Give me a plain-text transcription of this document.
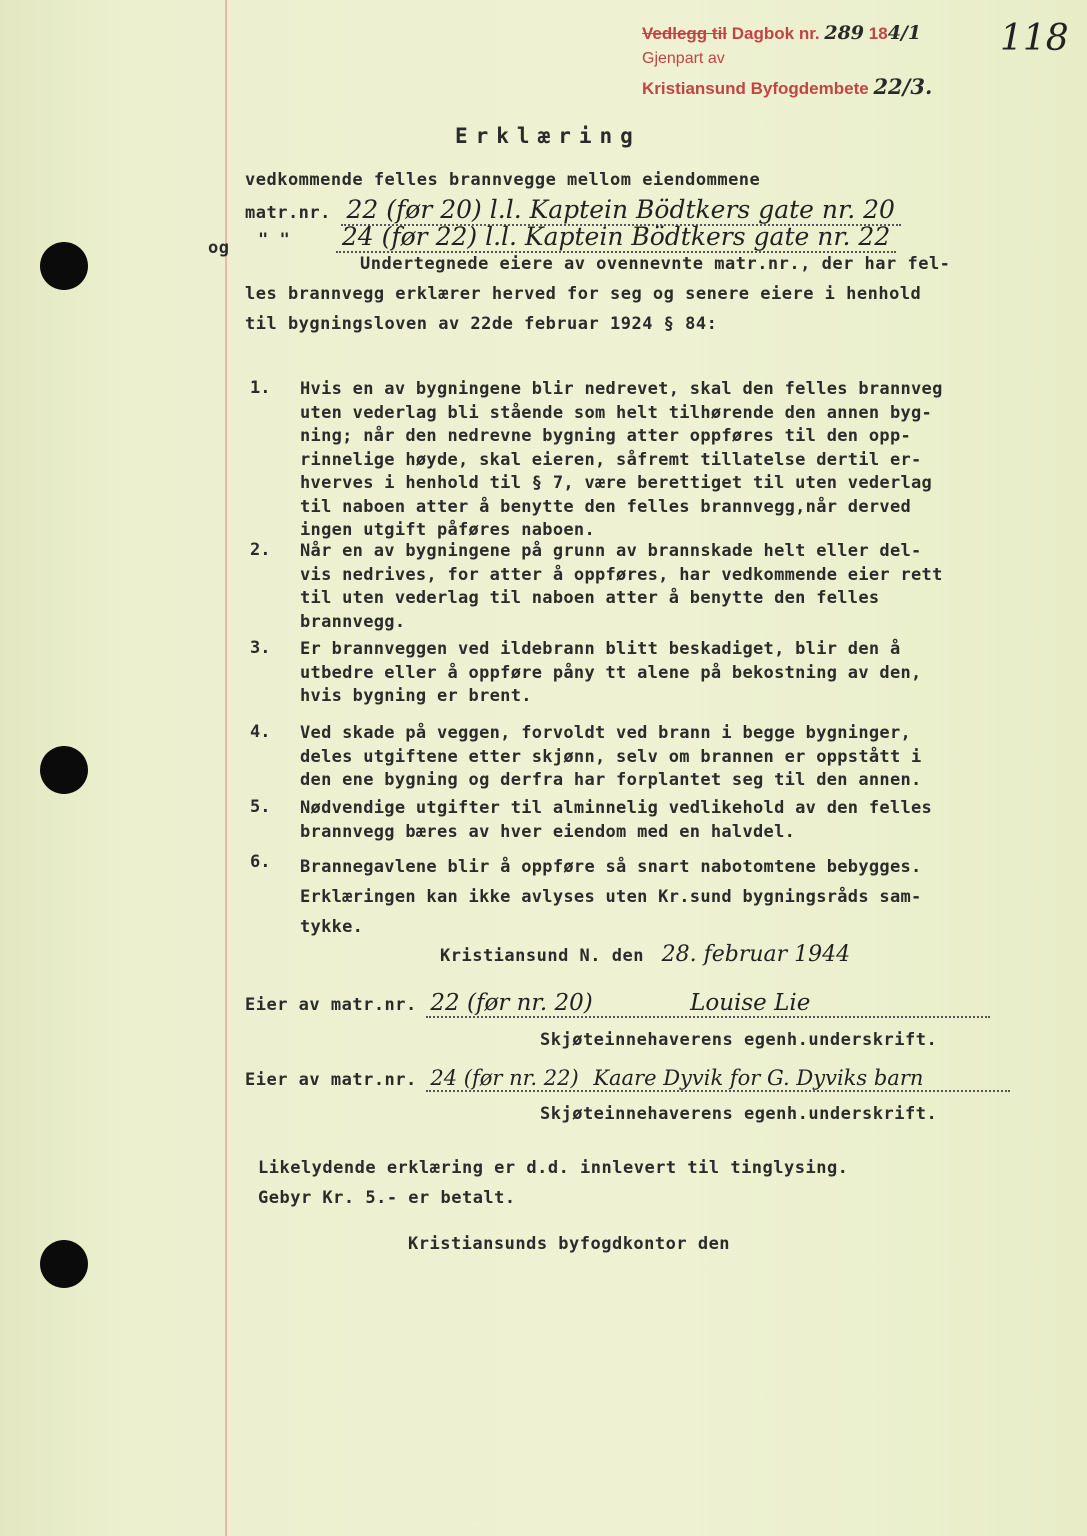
Vedlegg til Dagbok nr. 289 184/1
Gjenpart av
Kristiansund Byfogdembete 22/3.
118
Erklæring
vedkommende felles brannvegge mellom eiendommene
matr.nr. 22 (før 20) l.l. Kaptein Bödtkers gate nr. 20
og " " 24 (før 22) l.l. Kaptein Bödtkers gate nr. 22
Undertegnede eiere av ovennevnte matr.nr., der har fel-
les brannvegg erklærer herved for seg og senere eiere i henhold
til bygningsloven av 22de februar 1924 § 84:
1. Hvis en av bygningene blir nedrevet, skal den felles brannveg
uten vederlag bli stående som helt tilhørende den annen byg-
ning; når den nedrevne bygning atter oppføres til den opp-
rinnelige høyde, skal eieren, såfremt tillatelse dertil er-
hverves i henhold til § 7, være berettiget til uten vederlag
til naboen atter å benytte den felles brannvegg,når derved
ingen utgift påføres naboen.
2. Når en av bygningene på grunn av brannskade helt eller del-
vis nedrives, for atter å oppføres, har vedkommende eier rett
til uten vederlag til naboen atter å benytte den felles
brannvegg.
3. Er brannveggen ved ildebrann blitt beskadiget, blir den å
utbedre eller å oppføre påny tt alene på bekostning av den,
hvis bygning er brent.
4. Ved skade på veggen, forvoldt ved brann i begge bygninger,
deles utgiftene etter skjønn, selv om brannen er oppstått i
den ene bygning og derfra har forplantet seg til den annen.
5. Nødvendige utgifter til alminnelig vedlikehold av den felles
brannvegg bæres av hver eiendom med en halvdel.
6. Brannegavlene blir å oppføre så snart nabotomtene bebygges.
Erklæringen kan ikke avlyses uten Kr.sund bygningsråds sam-
tykke.
Kristiansund N. den 28. februar 1944
Eier av matr.nr. 22 (før nr. 20)	Louise Lie
Skjøteinnehaverens egenh.underskrift.
Eier av matr.nr. 24 (før nr. 22) Kaare Dyvik for G. Dyviks barn
Skjøteinnehaverens egenh.underskrift.
Likelydende erklæring er d.d. innlevert til tinglysing.
Gebyr Kr. 5.- er betalt.
Kristiansunds byfogdkontor den
